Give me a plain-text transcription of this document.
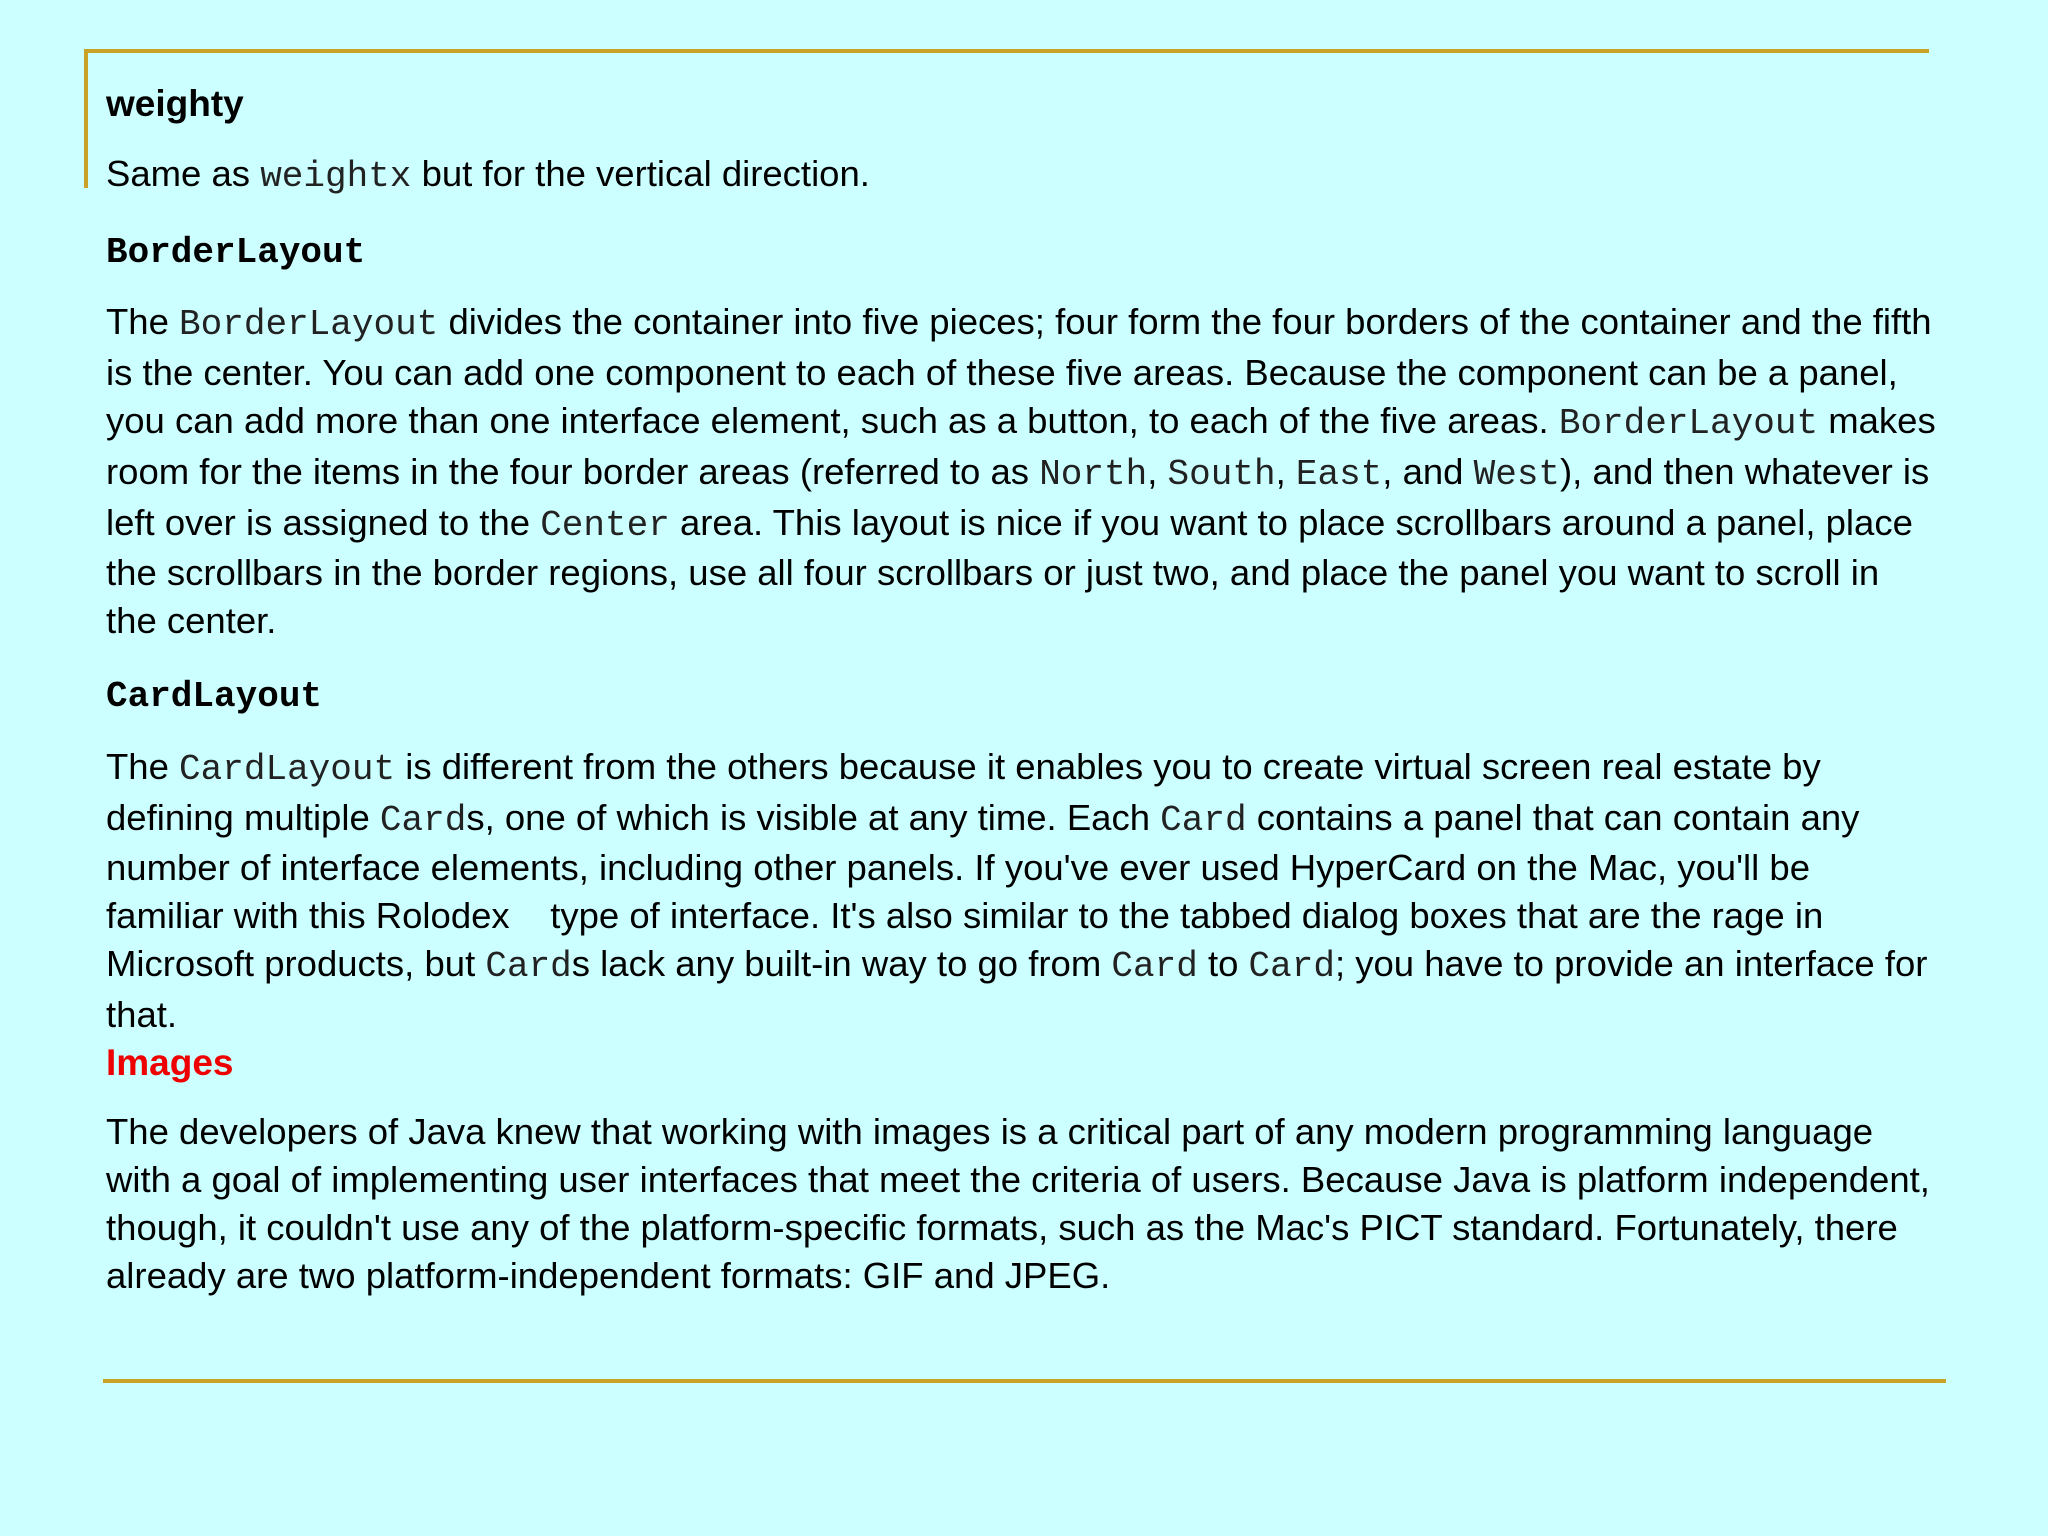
weighty

Same as weightx but for the vertical direction.

BorderLayout

The BorderLayout divides the container into five pieces; four form the four borders of the container and the fifth is the center. You can add one component to each of these five areas. Because the component can be a panel, you can add more than one interface element, such as a button, to each of the five areas. BorderLayout makes room for the items in the four border areas (referred to as North, South, East, and West), and then whatever is left over is assigned to the Center area. This layout is nice if you want to place scrollbars around a panel, place the scrollbars in the border regions, use all four scrollbars or just two, and place the panel you want to scroll in the center.

CardLayout

The CardLayout is different from the others because it enables you to create virtual screen real estate by defining multiple Cards, one of which is visible at any time. Each Card contains a panel that can contain any number of interface elements, including other panels. If you've ever used HyperCard on the Mac, you'll be familiar with this Rolodex    type of interface. It's also similar to the tabbed dialog boxes that are the rage in Microsoft products, but Cards lack any built-in way to go from Card to Card; you have to provide an interface for that.

Images

The developers of Java knew that working with images is a critical part of any modern programming language with a goal of implementing user interfaces that meet the criteria of users. Because Java is platform independent, though, it couldn't use any of the platform-specific formats, such as the Mac's PICT standard. Fortunately, there already are two platform-independent formats: GIF and JPEG.
